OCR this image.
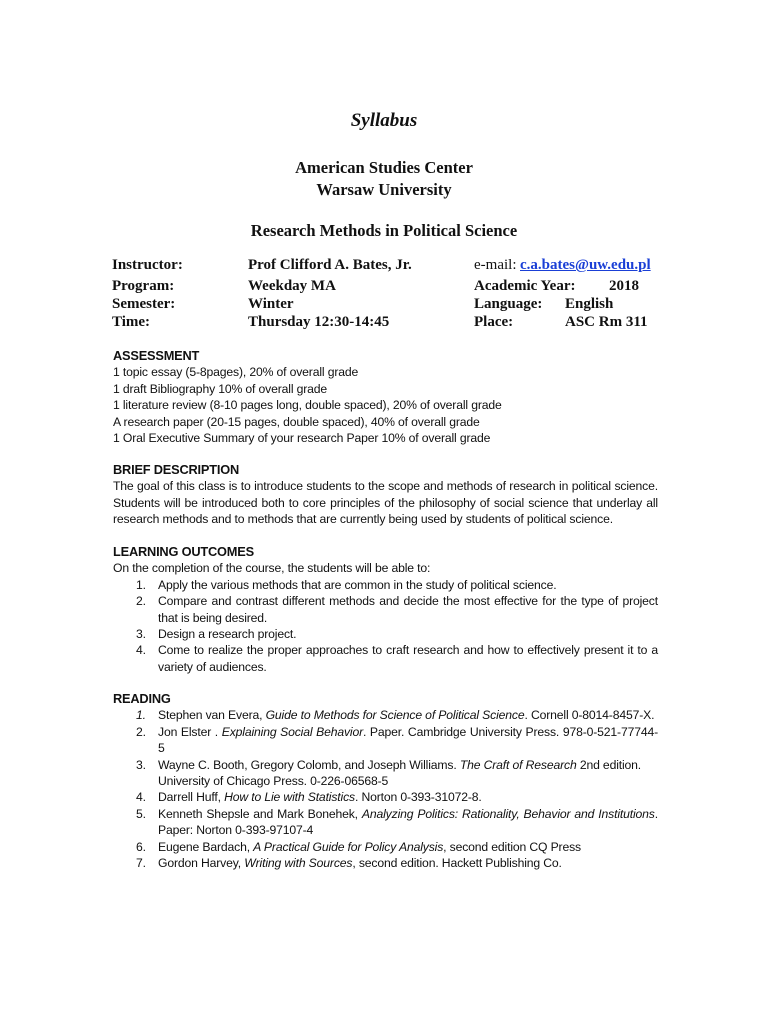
Syllabus
American Studies Center
Warsaw University
Research Methods in Political Science
Instructor:	Prof Clifford A. Bates, Jr.	e-mail: c.a.bates@uw.edu.pl
Program:	Weekday MA	Academic Year: 2018
Semester:	Winter	Language: English
Time:	Thursday 12:30-14:45	Place:	ASC Rm 311
ASSESSMENT

1 topic essay (5-8pages), 20% of overall grade

1 draft Bibliography 10% of overall grade

1 literature review (8-10 pages long, double spaced), 20% of overall grade

A research paper (20-15 pages, double spaced), 40% of overall grade

1 Oral Executive Summary of your research Paper 10% of overall grade

BRIEF DESCRIPTION

The goal of this class is to introduce students to the scope and methods of research in political science. Students will be introduced both to core principles of the philosophy of social science that underlay all research methods and to methods that are currently being used by students of political science.

LEARNING OUTCOMES

On the completion of the course, the students will be able to:

1. Apply the various methods that are common in the study of political science.
2. Compare and contrast different methods and decide the most effective for the type of project that is being desired.
3. Design a research project.
4. Come to realize the proper approaches to craft research and how to effectively present it to a variety of audiences.
READING
1. Stephen van Evera, Guide to Methods for Science of Political Science. Cornell 0-8014-8457-X.
2. Jon Elster . Explaining Social Behavior. Paper. Cambridge University Press. 978-0-521-77744-5
3. Wayne C. Booth, Gregory Colomb, and Joseph Williams. The Craft of Research 2nd edition. University of Chicago Press. 0-226-06568-5
4. Darrell Huff, How to Lie with Statistics. Norton 0-393-31072-8.
5. Kenneth Shepsle and Mark Bonehek, Analyzing Politics: Rationality, Behavior and Institutions. Paper: Norton 0-393-97107-4
6. Eugene Bardach, A Practical Guide for Policy Analysis, second edition CQ Press
7. Gordon Harvey, Writing with Sources, second edition. Hackett Publishing Co.
